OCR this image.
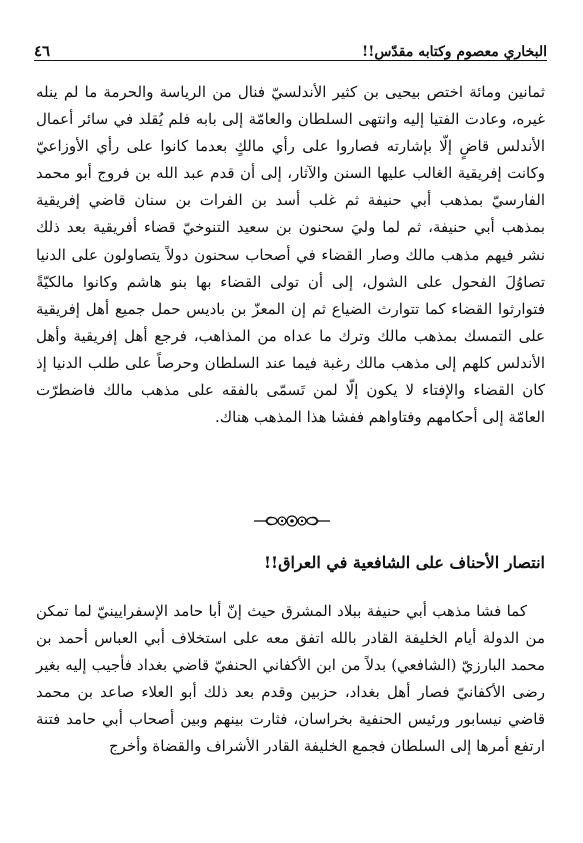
٤٦	البخاري معصوم وكتابه مقدّس!!

ثمانين ومائة اختص بيحيى بن كثير الأندلسيّ فنال من الرياسة والحرمة ما لم ينله غيره، وعادت الفتيا إليه وانتهى السلطان والعامّة إلى بابه فلم يُقلد في سائر أعمال الأندلس قاضٍ إلّا بإشارته فصاروا على رأي مالكٍ بعدما كانوا على رأي الأوزاعيّ وكانت إفريقية الغالب عليها السنن والآثار، إلى أن قدم عبد الله بن فروج أبو محمد الفارسيّ بمذهب أبي حنيفة ثم غلب أسد بن الفرات بن سنان قاضي إفريقية بمذهب أبي حنيفة، ثم لما وليَ سحنون بن سعيد التنوخيّ قضاء أفريقية بعد ذلك نشر فيهم مذهب مالك وصار القضاء في أصحاب سحنون دولاً يتصاولون على الدنيا تصاوُلَ الفحول على الشول، إلى أن تولى القضاء بها بنو هاشم وكانوا مالكيّةً فتوارثوا القضاء كما تتوارث الضياع ثم إن المعزّ بن باديس حمل جميع أهل إفريقية على التمسك بمذهب مالك وترك ما عداه من المذاهب، فرجع أهل إفريقية وأهل الأندلس كلهم إلى مذهب مالك رغبة فيما عند السلطان وحرصاً على طلب الدنيا إذ كان القضاء والإفتاء لا يكون إلّا لمن تَسمّى بالفقه على مذهب مالك فاضطرّت العامّة إلى أحكامهم وفتاواهم ففشا هذا المذهب هناك.

انتصار الأحناف على الشافعية في العراق!!

كما فشا مذهب أبي حنيفة ببلاد المشرق حيث إنّ أبا حامد الإسفرايينيّ لما تمكن من الدولة أيام الخليفة القادر بالله اتفق معه على استخلاف أبي العباس أحمد بن محمد البارزيّ (الشافعي) بدلاً من ابن الأكفاني الحنفيّ قاضي بغداد فأجيب إليه بغير رضى الأكفانيّ فصار أهل بغداد، حزبين وقدم بعد ذلك أبو العلاء صاعد بن محمد قاضي نيسابور ورئيس الحنفية بخراسان، فثارت بينهم وبين أصحاب أبي حامد فتنة ارتفع أمرها إلى السلطان فجمع الخليفة القادر الأشراف والقضاة وأخرج
